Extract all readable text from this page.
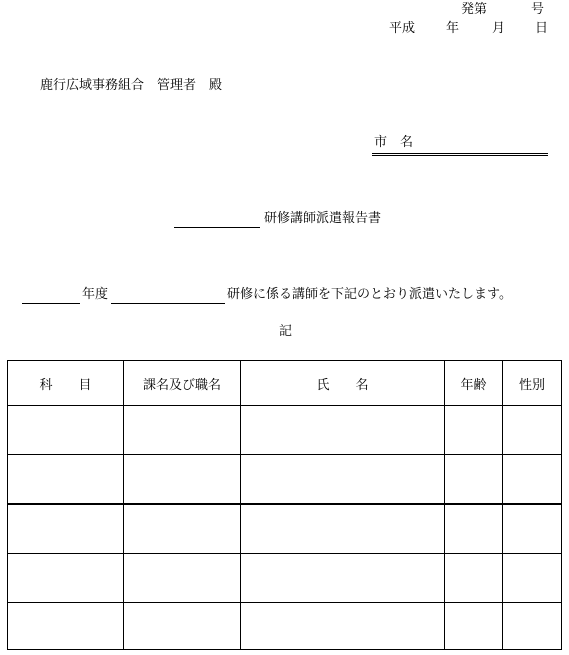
発第	号
平成 年	月 日
鹿行広域事務組合　管理者　殿
市　名
研修講師派遣報告書
年度	研修に係る講師を下記のとおり派遣いたします。
記
科　　目	課名及び職名	氏　　名	年齢	性別
